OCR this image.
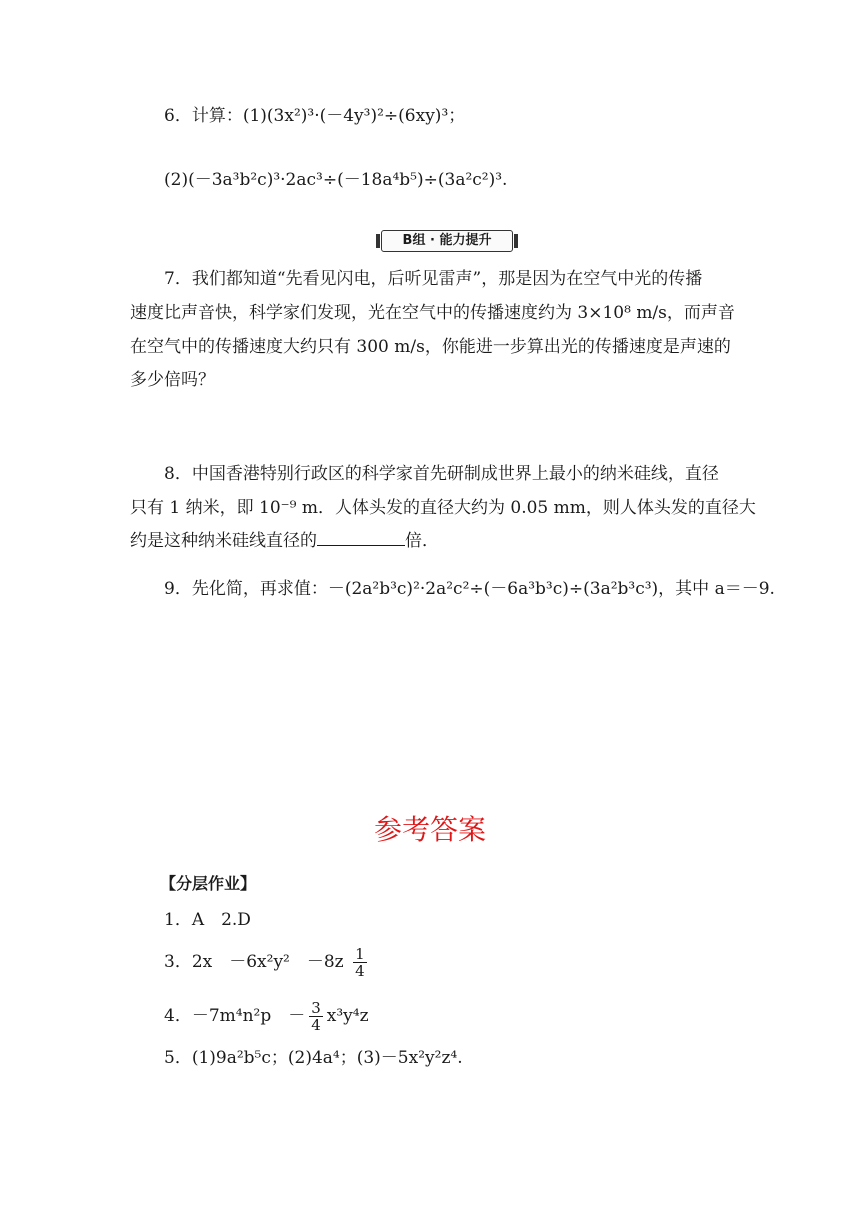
6．计算：(1)(3x²)³·(－4y³)²÷(6xy)³；
(2)(－3a³b²c)³·2ac³÷(－18a⁴b⁵)÷(3a²c²)³.
B组 · 能力提升
7．我们都知道“先看见闪电，后听见雷声”，那是因为在空气中光的传播
速度比声音快，科学家们发现，光在空气中的传播速度约为 3×10⁸ m/s，而声音
在空气中的传播速度大约只有 300 m/s，你能进一步算出光的传播速度是声速的
多少倍吗？
8．中国香港特别行政区的科学家首先研制成世界上最小的纳米硅线，直径
只有 1 纳米，即 10⁻⁹ m．人体头发的直径大约为 0.05 mm，则人体头发的直径大
约是这种纳米硅线直径的	倍．
9．先化简，再求值：－(2a²b³c)²·2a²c²÷(－6a³b³c)÷(3a²b³c³)，其中 a＝－9.
参考答案
【分层作业】
1．A　2.D
3．2x　－6x²y²　$-8z \frac{1}{4}$
4．－7m⁴n²p　－ $\frac{3}{4} x^3y^4z$
5．(1)9a²b⁵c；(2)4a⁴；(3)－5x²y²z⁴.
